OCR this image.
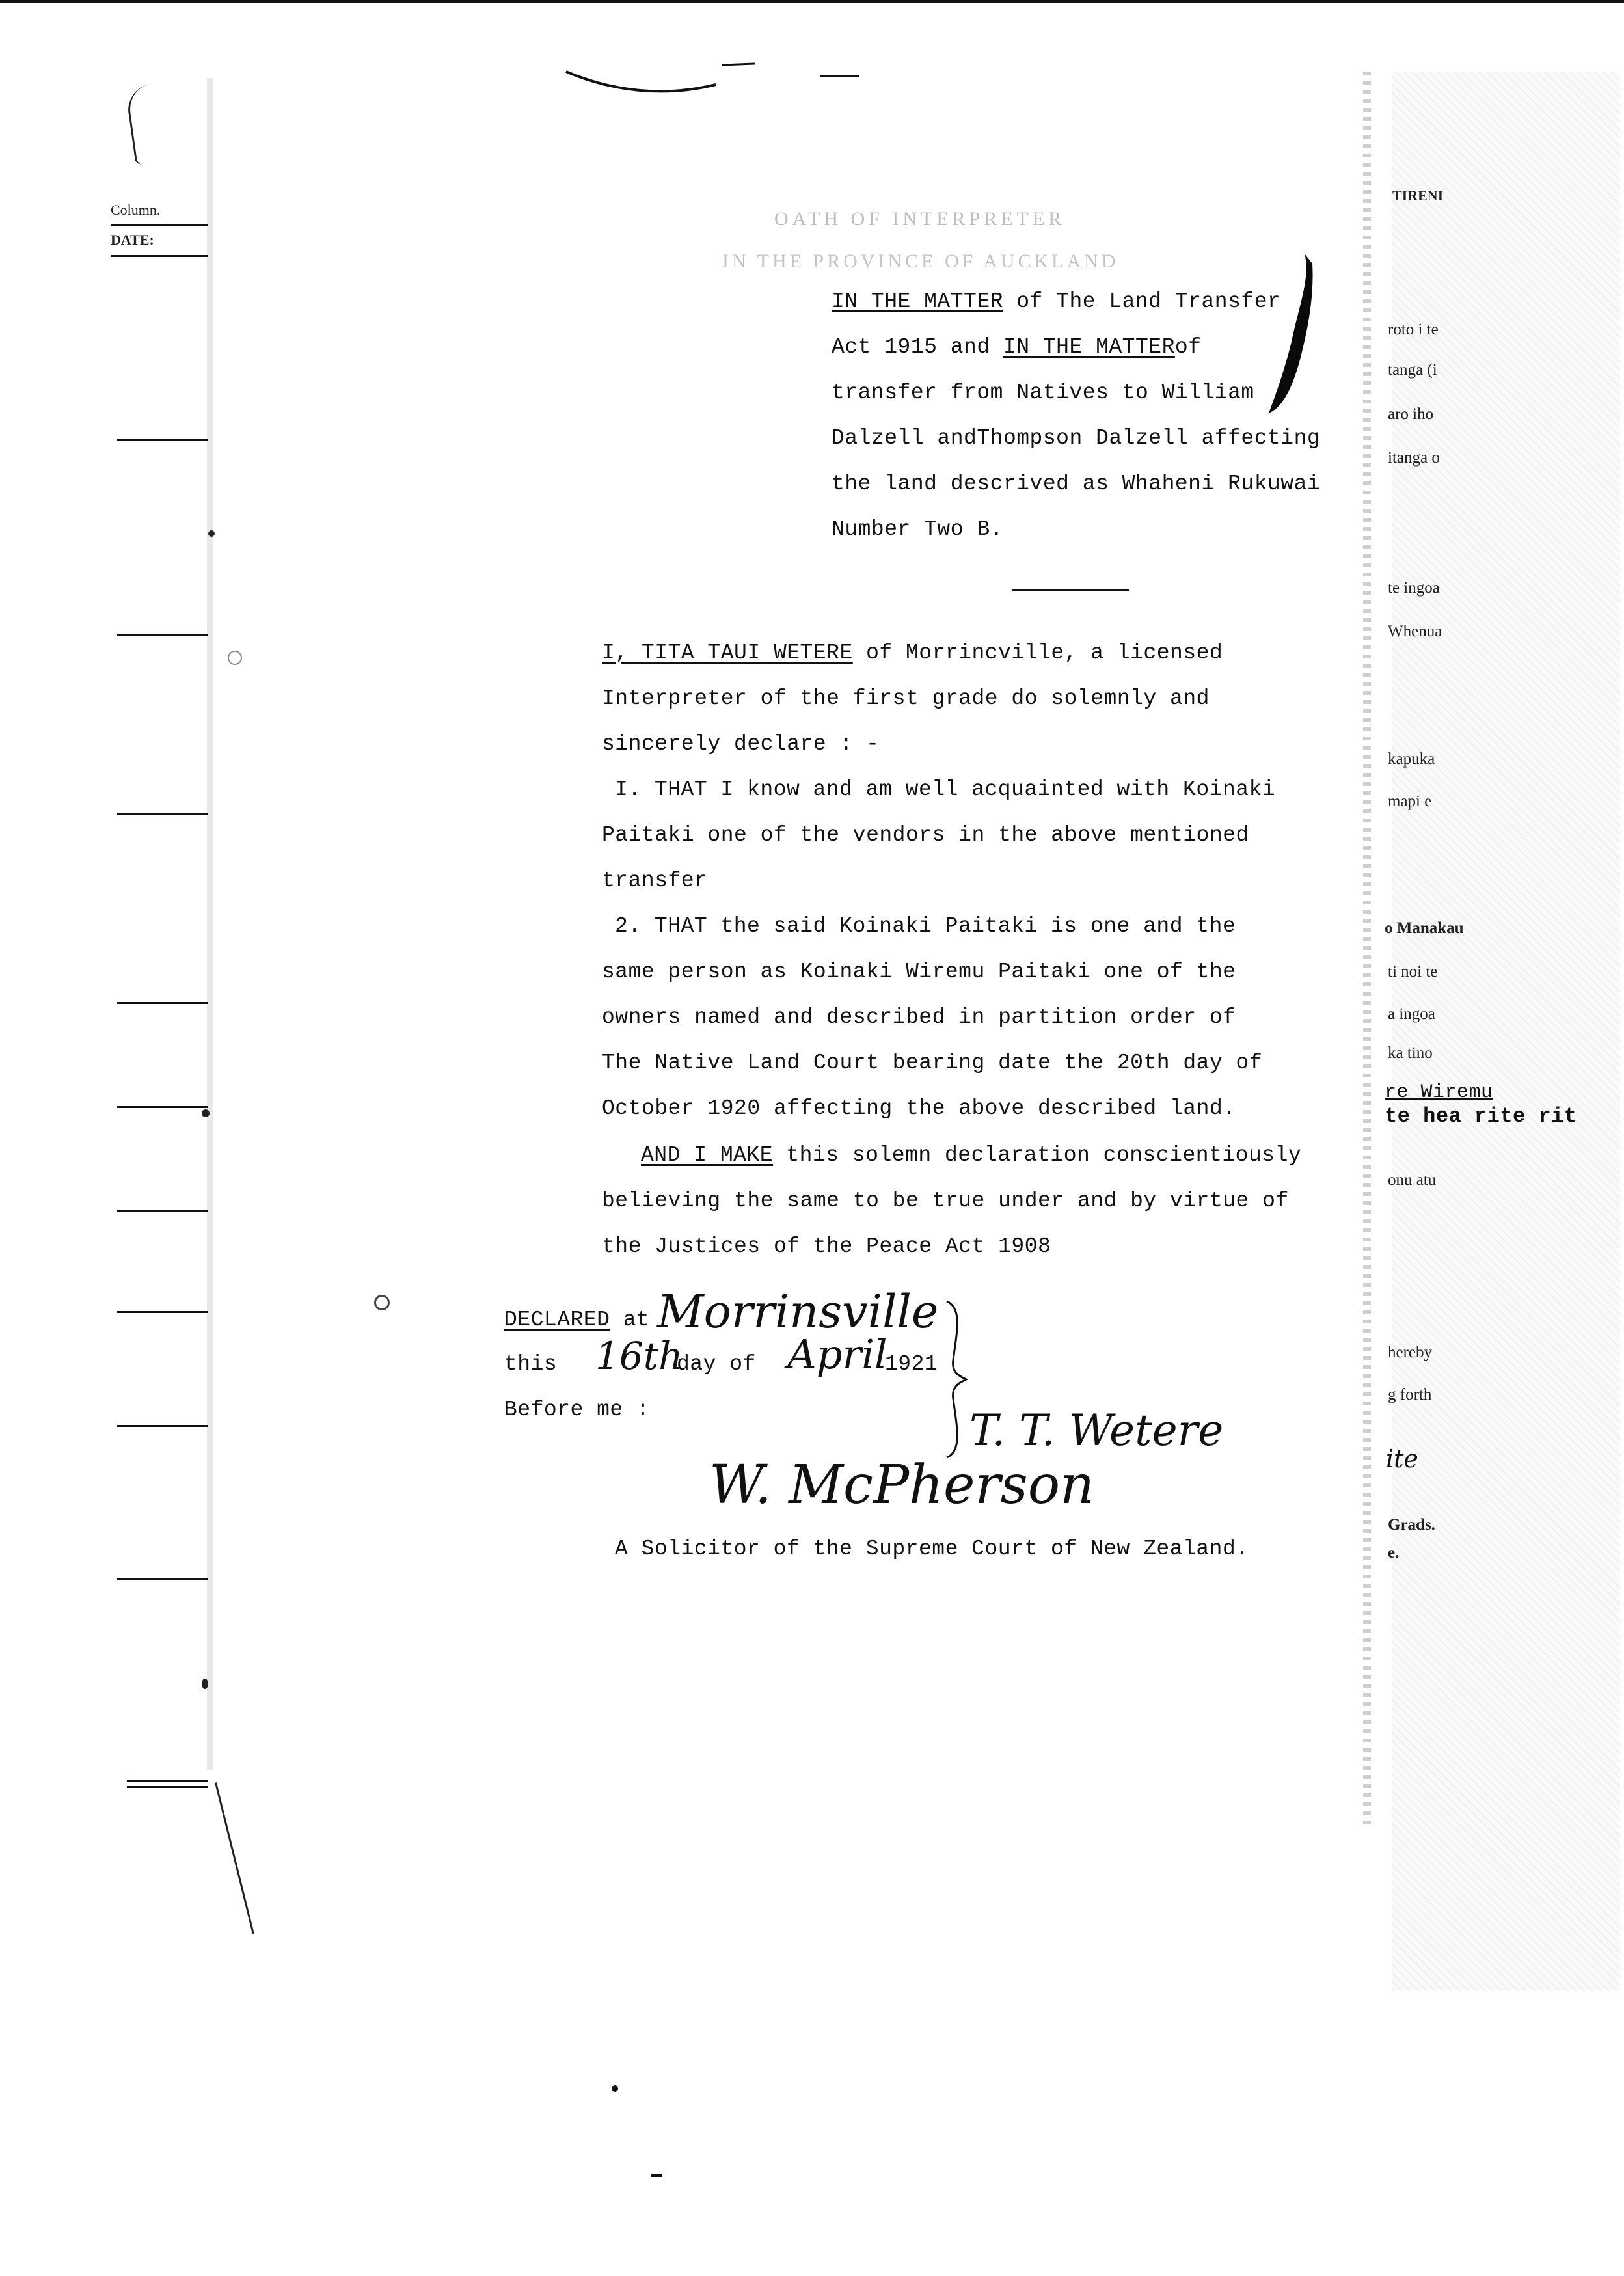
Column.
DATE:
TIRENI
roto i te
tanga (i
aro iho
itanga o
te ingoa
Whenua
kapuka
mapi e
o Manakau
ti noi te
a ingoa
ka tino
re Wiremu
te hea rite rit
onu atu
hereby
g forth
ite
Grads.
e.
OATH OF INTERPRETER
IN THE PROVINCE OF AUCKLAND
IN THE MATTER of The Land Transfer
Act 1915 and IN THE MATTERof
transfer from Natives to William
Dalzell andThompson Dalzell affecting
the land descrived as Whaheni Rukuwai
Number Two B.
I, TITA TAUI WETERE of Morrincville, a licensed
Interpreter of the first grade do solemnly and
sincerely declare : -
I. THAT I know and am well acquainted with Koinaki
Paitaki one of the vendors in the above mentioned
transfer
2. THAT the said Koinaki Paitaki is one and the
same person as Koinaki Wiremu Paitaki one of the
owners named and described in partition order of
The Native Land Court bearing date the 20th day of
October 1920 affecting the above described land.
AND I MAKE this solemn declaration conscientiously
believing the same to be true under and by virtue of
the Justices of the Peace Act 1908
DECLARED at Morrinsville
this 16th
day of April
1921
Before me :	T. T. Wetere
W. McPherson
A Solicitor of the Supreme Court of New Zealand.
